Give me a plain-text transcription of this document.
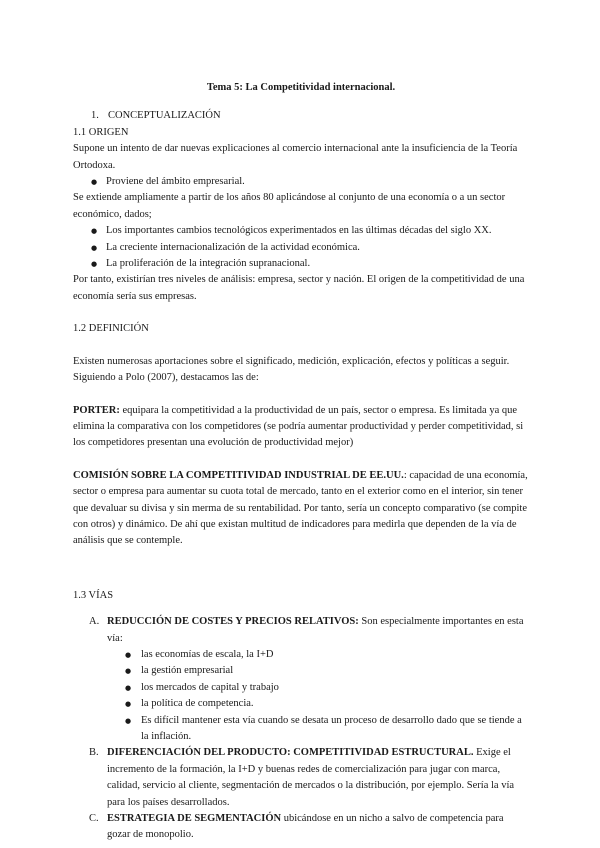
Tema 5: La Competitividad internacional.

1. CONCEPTUALIZACIÓN

1.1 ORIGEN

Supone un intento de dar nuevas explicaciones al comercio internacional ante la insuficiencia de la Teoría Ortodoxa.

● Proviene del ámbito empresarial.

Se extiende ampliamente a partir de los años 80 aplicándose al conjunto de una economía o a un sector económico, dados;

● Los importantes cambios tecnológicos experimentados en las últimas décadas del siglo XX.
● La creciente internacionalización de la actividad económica.
● La proliferación de la integración supranacional.

Por tanto, existirían tres niveles de análisis: empresa, sector y nación. El origen de la competitividad de una economía sería sus empresas.

1.2 DEFINICIÓN

Existen numerosas aportaciones sobre el significado, medición, explicación, efectos y políticas a seguir. Siguiendo a Polo (2007), destacamos las de:

PORTER: equipara la competitividad a la productividad de un país, sector o empresa. Es limitada ya que elimina la comparativa con los competidores (se podría aumentar productividad y perder competitividad, si los competidores presentan una evolución de productividad mejor)

COMISIÓN SOBRE LA COMPETITIVIDAD INDUSTRIAL DE EE.UU.: capacidad de una economía, sector o empresa para aumentar su cuota total de mercado, tanto en el exterior como en el interior, sin tener que devaluar su divisa y sin merma de su rentabilidad. Por tanto, sería un concepto comparativo (se compite con otros) y dinámico. De ahí que existan multitud de indicadores para medirla que dependen de la vía de análisis que se contemple.

1.3 VÍAS

A. REDUCCIÓN DE COSTES Y PRECIOS RELATIVOS: Son especialmente importantes en esta vía:

● las economías de escala, la I+D
● la gestión empresarial
● los mercados de capital y trabajo
● la política de competencia.
● Es difícil mantener esta vía cuando se desata un proceso de desarrollo dado que se tiende a la inflación.
B. DIFERENCIACIÓN DEL PRODUCTO: COMPETITIVIDAD ESTRUCTURAL. Exige el incremento de la formación, la I+D y buenas redes de comercialización para jugar con marca, calidad, servicio al cliente, segmentación de mercados o la distribución, por ejemplo. Sería la vía para los países desarrollados.

C. ESTRATEGIA DE SEGMENTACIÓN ubicándose en un nicho a salvo de competencia para gozar de monopolio.
